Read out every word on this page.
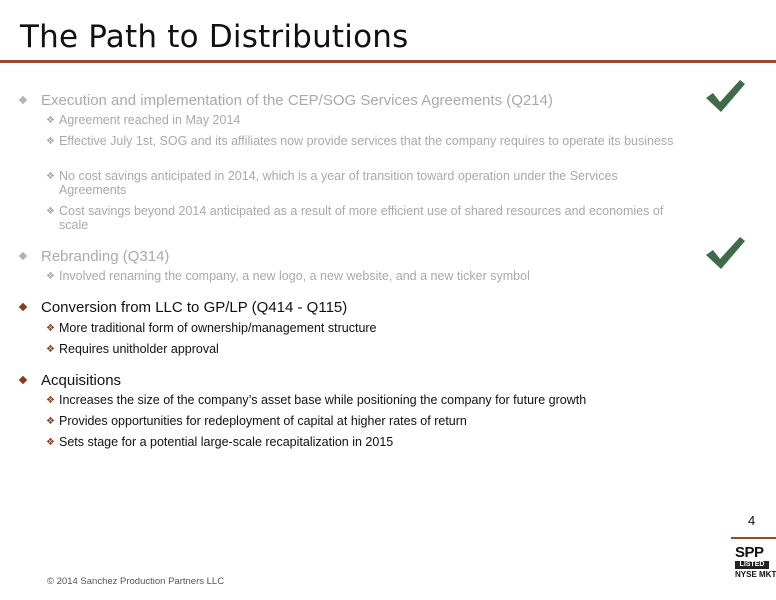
The Path to Distributions
Execution and implementation of the CEP/SOG Services Agreements (Q214)
❖ Agreement reached in May 2014
❖ Effective July 1st, SOG and its affiliates now provide services that the company requires to operate its business
❖ No cost savings anticipated in 2014, which is a year of transition toward operation under the Services Agreements
❖ Cost savings beyond 2014 anticipated as a result of more efficient use of shared resources and economies of scale
Rebranding (Q314)
❖ Involved renaming the company, a new logo, a new website, and a new ticker symbol
Conversion from LLC to GP/LP (Q414 - Q115)
❖ More traditional form of ownership/management structure
❖ Requires unitholder approval
Acquisitions
❖ Increases the size of the company’s asset base while positioning the company for future growth
❖ Provides opportunities for redeployment of capital at higher rates of return
❖ Sets stage for a potential large-scale recapitalization in 2015
4
SPP
LISTED
NYSE MKT
© 2014 Sanchez Production Partners LLC
